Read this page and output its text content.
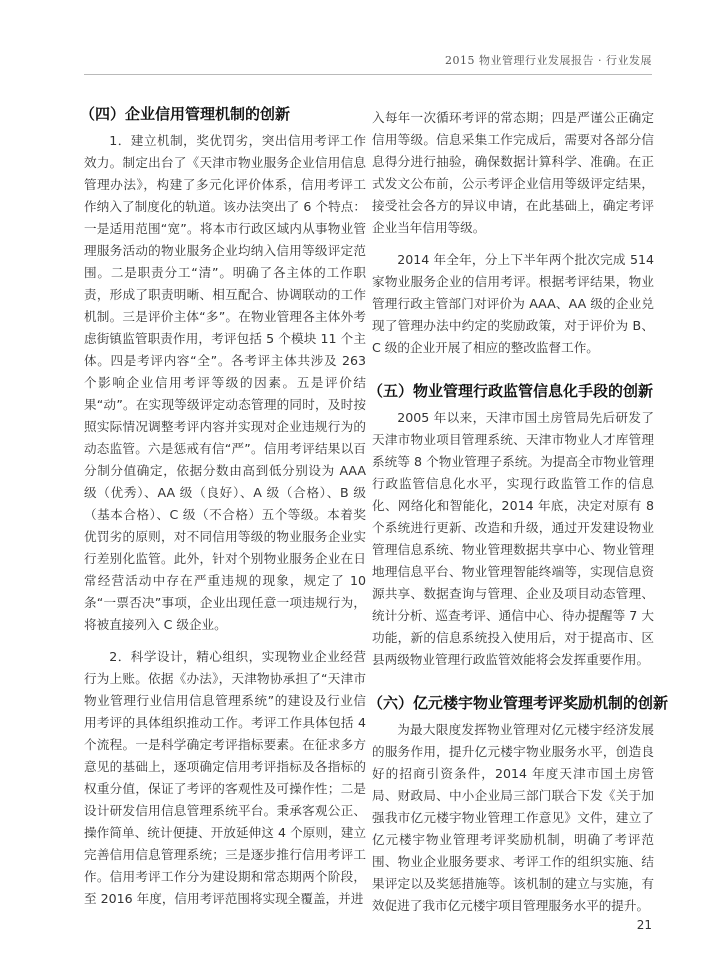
2015 物业管理行业发展报告 · 行业发展
（四）企业信用管理机制的创新

1．建立机制，奖优罚劣，突出信用考评工作效力。制定出台了《天津市物业服务企业信用信息管理办法》，构建了多元化评价体系，信用考评工作纳入了制度化的轨道。该办法突出了 6 个特点：一是适用范围“宽”。将本市行政区域内从事物业管理服务活动的物业服务企业均纳入信用等级评定范围。二是职责分工“清”。明确了各主体的工作职责，形成了职责明晰、相互配合、协调联动的工作机制。三是评价主体“多”。在物业管理各主体外考虑街镇监管职责作用，考评包括 5 个模块 11 个主体。四是考评内容“全”。各考评主体共涉及 263 个影响企业信用考评等级的因素。五是评价结果“动”。在实现等级评定动态管理的同时，及时按照实际情况调整考评内容并实现对企业违规行为的动态监管。六是惩戒有信“严”。信用考评结果以百分制分值确定，依据分数由高到低分别设为 AAA 级（优秀）、AA 级（良好）、A 级（合格）、B 级（基本合格）、C 级（不合格）五个等级。本着奖优罚劣的原则，对不同信用等级的物业服务企业实行差别化监管。此外，针对个别物业服务企业在日常经营活动中存在严重违规的现象，规定了 10 条“一票否决”事项，企业出现任意一项违规行为，将被直接列入 C 级企业。

2．科学设计，精心组织，实现物业企业经营行为上账。依据《办法》，天津物协承担了“天津市物业管理行业信用信息管理系统”的建设及行业信用考评的具体组织推动工作。考评工作具体包括 4 个流程。一是科学确定考评指标要素。在征求多方意见的基础上，逐项确定信用考评指标及各指标的权重分值，保证了考评的客观性及可操作性；二是设计研发信用信息管理系统平台。秉承客观公正、操作简单、统计便捷、开放延伸这 4 个原则，建立完善信用信息管理系统；三是逐步推行信用考评工作。信用考评工作分为建设期和常态期两个阶段，至 2016 年度，信用考评范围将实现全覆盖，并进

入每年一次循环考评的常态期；四是严谨公正确定信用等级。信息采集工作完成后，需要对各部分信息得分进行抽验，确保数据计算科学、准确。在正式发文公布前，公示考评企业信用等级评定结果，接受社会各方的异议申请，在此基础上，确定考评企业当年信用等级。

2014 年全年，分上下半年两个批次完成 514 家物业服务企业的信用考评。根据考评结果，物业管理行政主管部门对评价为 AAA、AA 级的企业兑现了管理办法中约定的奖励政策，对于评价为 B、C 级的企业开展了相应的整改监督工作。

（五）物业管理行政监管信息化手段的创新

2005 年以来，天津市国土房管局先后研发了天津市物业项目管理系统、天津市物业人才库管理系统等 8 个物业管理子系统。为提高全市物业管理行政监管信息化水平，实现行政监管工作的信息化、网络化和智能化，2014 年底，决定对原有 8 个系统进行更新、改造和升级，通过开发建设物业管理信息系统、物业管理数据共享中心、物业管理地理信息平台、物业管理智能终端等，实现信息资源共享、数据查询与管理、企业及项目动态管理、统计分析、巡查考评、通信中心、待办提醒等 7 大功能，新的信息系统投入使用后，对于提高市、区县两级物业管理行政监管效能将会发挥重要作用。

（六）亿元楼宇物业管理考评奖励机制的创新

为最大限度发挥物业管理对亿元楼宇经济发展的服务作用，提升亿元楼宇物业服务水平，创造良好的招商引资条件，2014 年度天津市国土房管局、财政局、中小企业局三部门联合下发《关于加强我市亿元楼宇物业管理工作意见》文件，建立了亿元楼宇物业管理考评奖励机制，明确了考评范围、物业企业服务要求、考评工作的组织实施、结果评定以及奖惩措施等。该机制的建立与实施，有效促进了我市亿元楼宇项目管理服务水平的提升。

21
